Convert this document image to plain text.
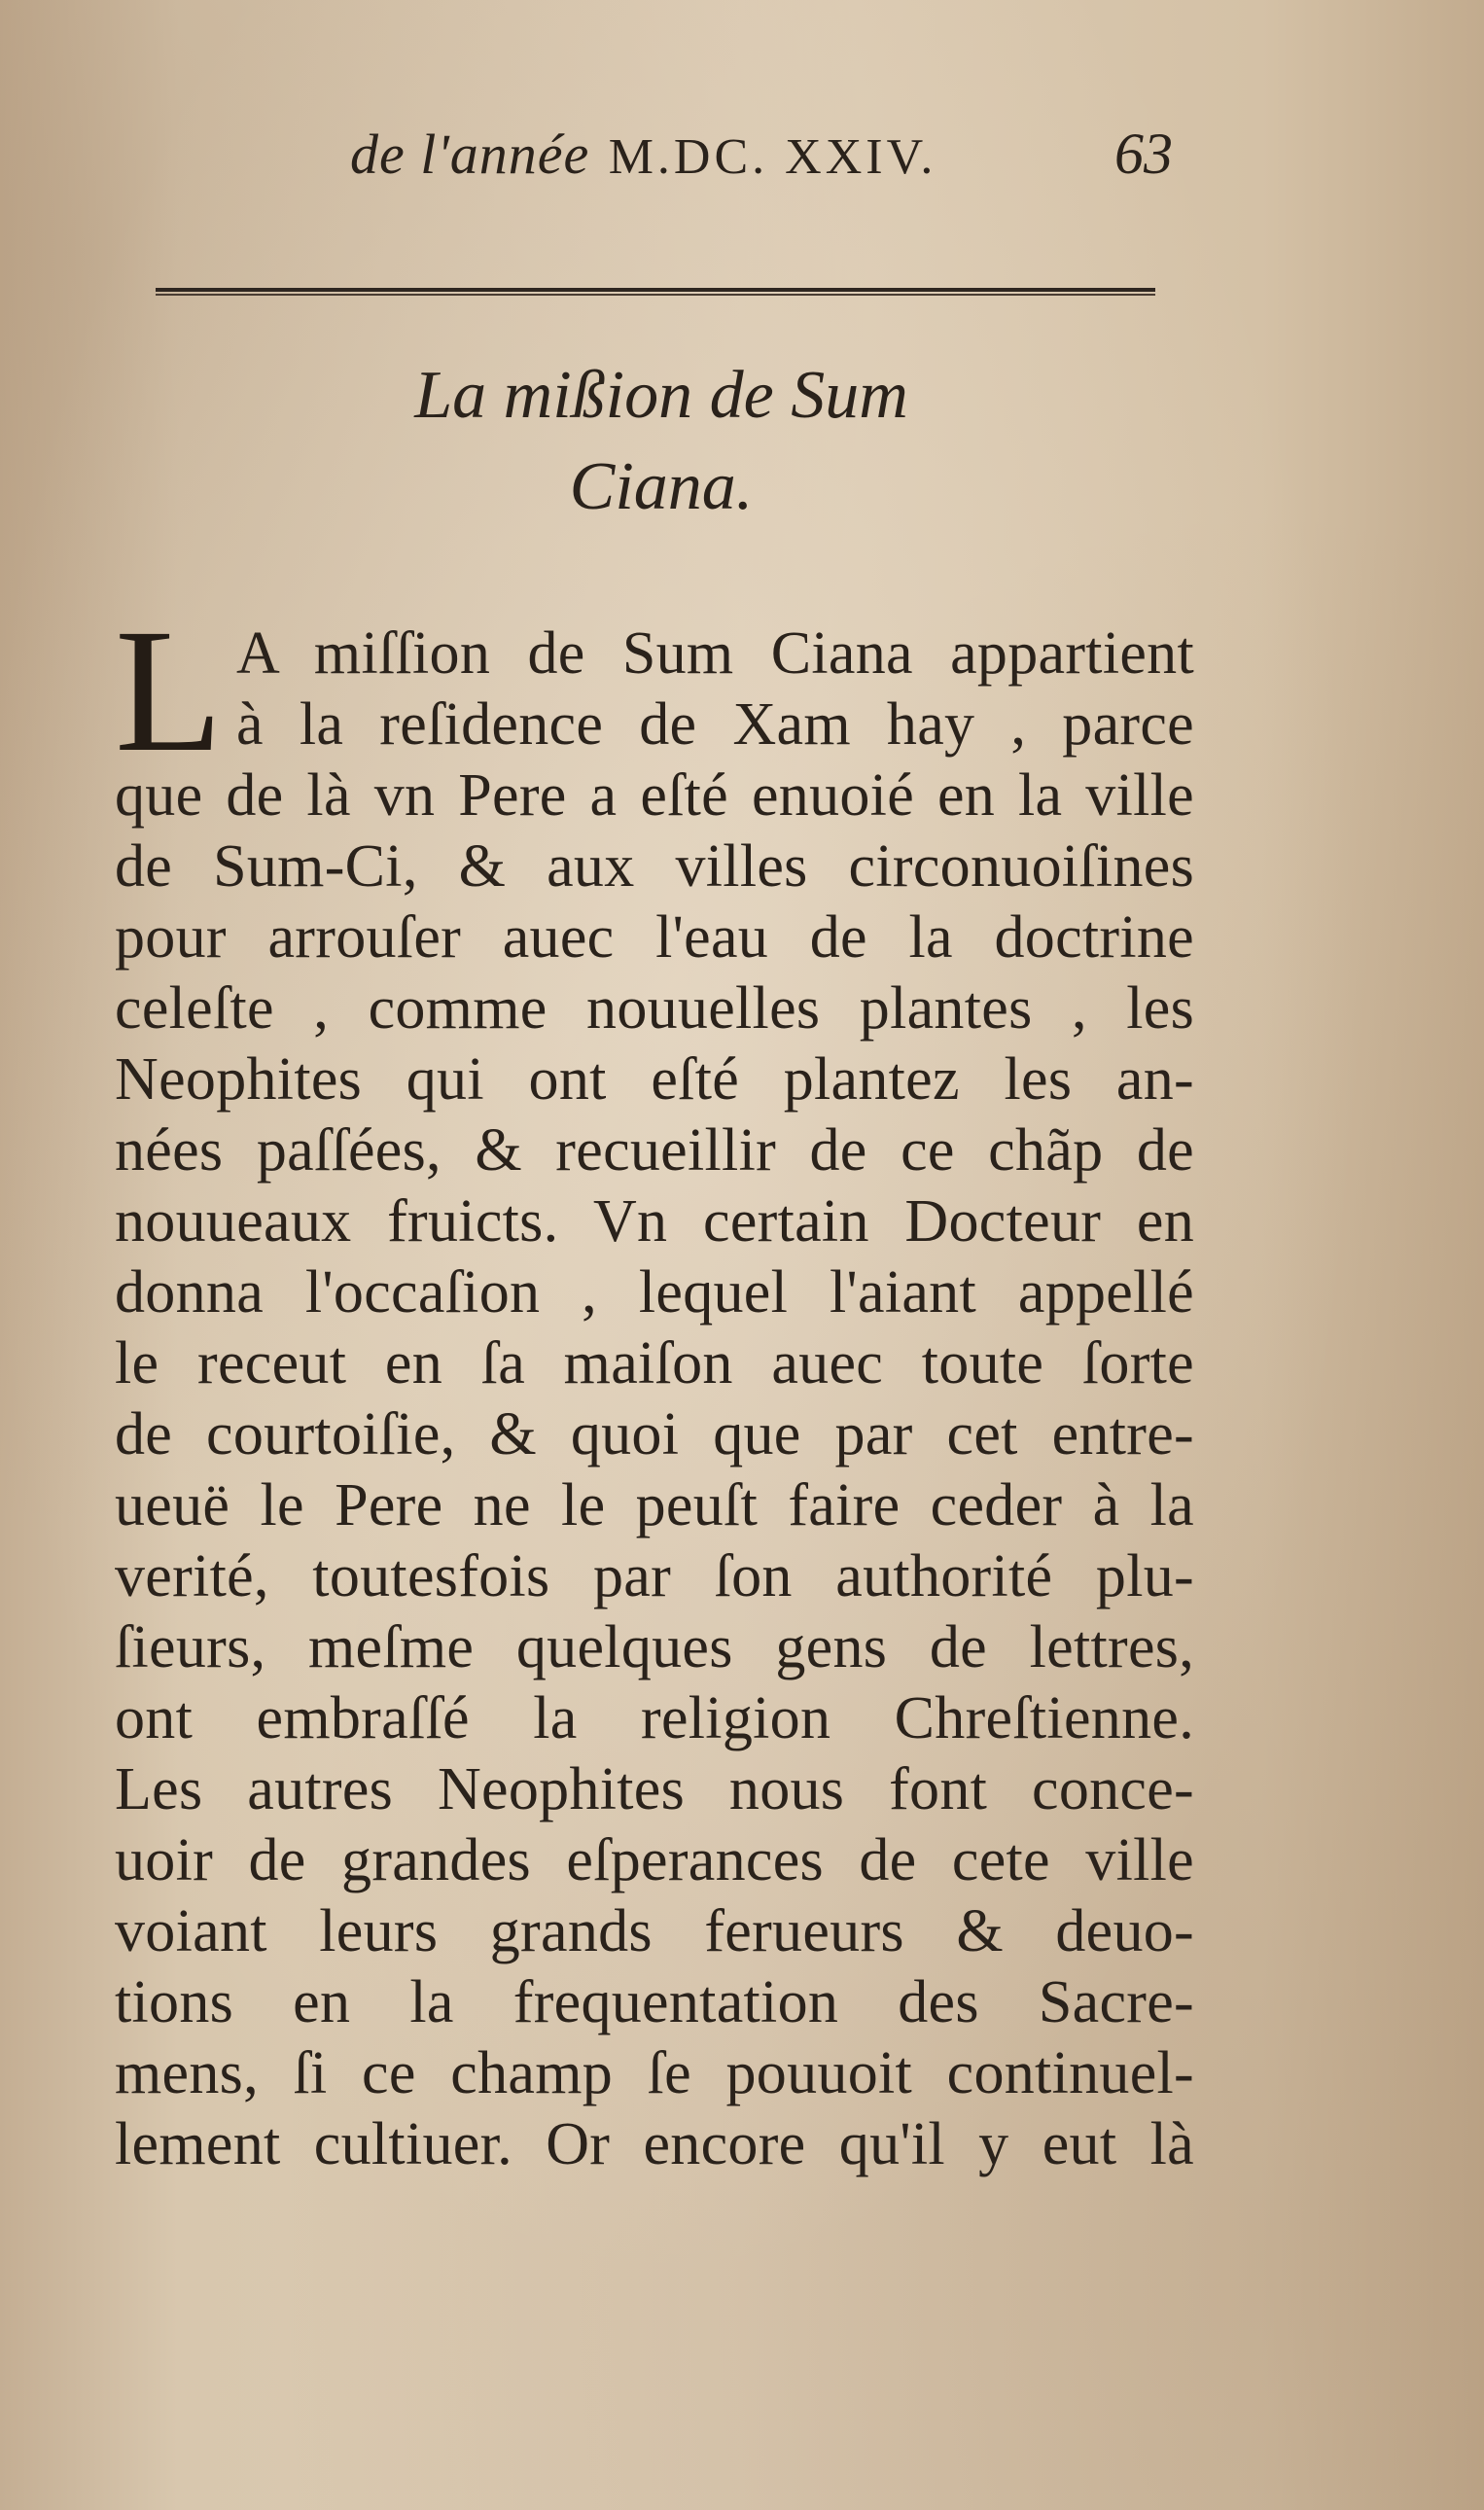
de l'année M.DC. XXIV.	63
La mißion de Sum
Ciana.
L A miſſion de Sum Ciana appartient
à la reſidence de Xam hay , parce
que de là vn Pere a eſté enuoié en la ville
de Sum-Ci, & aux villes circonuoiſines
pour arrouſer auec l'eau de la doctrine
celeſte , comme nouuelles plantes , les
Neophites qui ont eſté plantez les an-
nées paſſées, & recueillir de ce chãp de
nouueaux fruicts. Vn certain Docteur en
donna l'occaſion , lequel l'aiant appellé
le receut en ſa maiſon auec toute ſorte
de courtoiſie, & quoi que par cet entre-
ueuë le Pere ne le peuſt faire ceder à la
verité, toutesfois par ſon authorité plu-
ſieurs, meſme quelques gens de lettres,
ont embraſſé la religion Chreſtienne.
Les autres Neophites nous font conce-
uoir de grandes eſperances de cete ville
voiant leurs grands ferueurs & deuo-
tions en la frequentation des Sacre-
mens, ſi ce champ ſe pouuoit continuel-
lement cultiuer. Or encore qu'il y eut là
